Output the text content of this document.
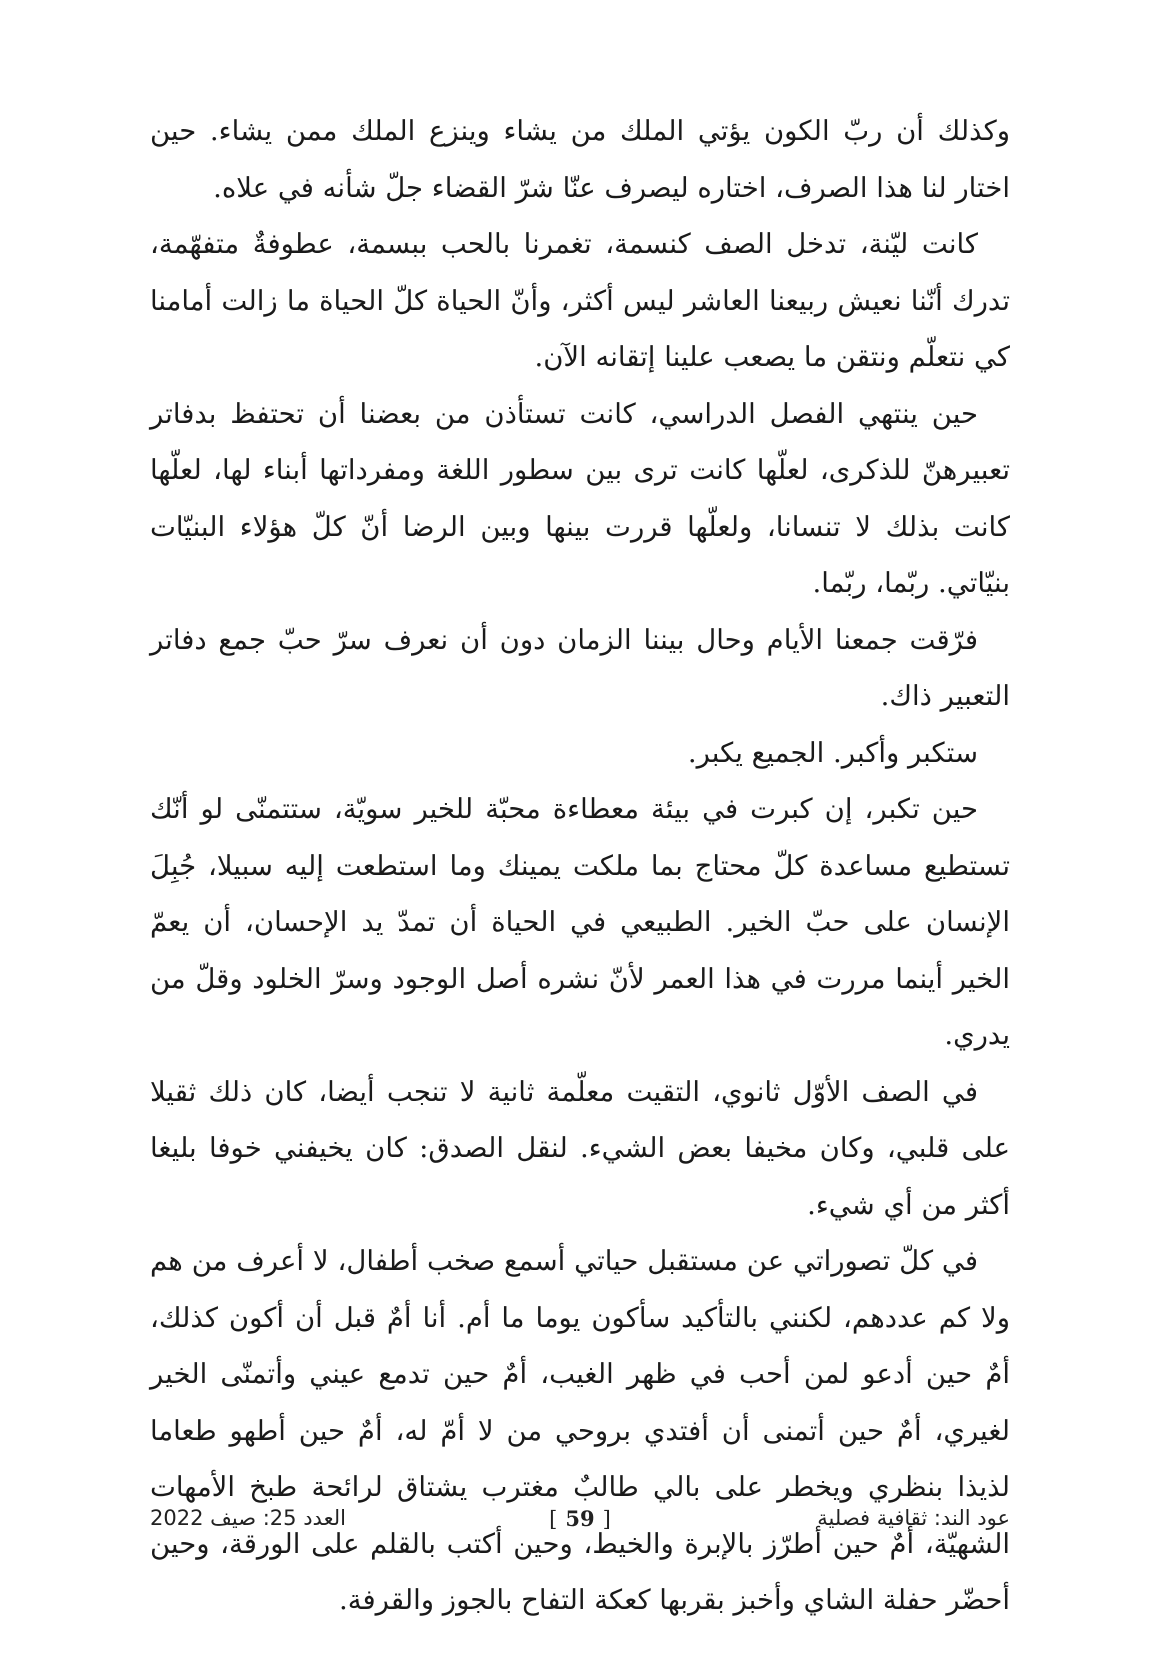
وكذلك أن ربّ الكون يؤتي الملك من يشاء وينزع الملك ممن يشاء. حين اختار لنا هذا الصرف، اختاره ليصرف عنّا شرّ القضاء جلّ شأنه في علاه.

كانت ليّنة، تدخل الصف كنسمة، تغمرنا بالحب ببسمة، عطوفةٌ متفهّمة، تدرك أنّنا نعيش ربيعنا العاشر ليس أكثر، وأنّ الحياة كلّ الحياة ما زالت أمامنا كي نتعلّم ونتقن ما يصعب علينا إتقانه الآن.

حين ينتهي الفصل الدراسي، كانت تستأذن من بعضنا أن تحتفظ بدفاتر تعبيرهنّ للذكرى، لعلّها كانت ترى بين سطور اللغة ومفرداتها أبناء لها، لعلّها كانت بذلك لا تنسانا، ولعلّها قررت بينها وبين الرضا أنّ كلّ هؤلاء البنيّات بنيّاتي. ربّما، ربّما.

فرّقت جمعنا الأيام وحال بيننا الزمان دون أن نعرف سرّ حبّ جمع دفاتر التعبير ذاك.

ستكبر وأكبر. الجميع يكبر.

حين تكبر، إن كبرت في بيئة معطاءة محبّة للخير سويّة، ستتمنّى لو أنّك تستطيع مساعدة كلّ محتاج بما ملكت يمينك وما استطعت إليه سبيلا، جُبِلَ الإنسان على حبّ الخير. الطبيعي في الحياة أن تمدّ يد الإحسان، أن يعمّ الخير أينما مررت في هذا العمر لأنّ نشره أصل الوجود وسرّ الخلود وقلّ من يدري.

في الصف الأوّل ثانوي، التقيت معلّمة ثانية لا تنجب أيضا، كان ذلك ثقيلا على قلبي، وكان مخيفا بعض الشيء. لنقل الصدق: كان يخيفني خوفا بليغا أكثر من أي شيء.

في كلّ تصوراتي عن مستقبل حياتي أسمع صخب أطفال، لا أعرف من هم ولا كم عددهم، لكنني بالتأكيد سأكون يوما ما أم. أنا أمٌ قبل أن أكون كذلك، أمٌ حين أدعو لمن أحب في ظهر الغيب، أمٌ حين تدمع عيني وأتمنّى الخير لغيري، أمٌ حين أتمنى أن أفتدي بروحي من لا أمّ له، أمٌ حين أطهو طعاما لذيذا بنظري ويخطر على بالي طالبٌ مغترب يشتاق لرائحة طبخ الأمهات الشهيّة، أمٌ حين أطرّز بالإبرة والخيط، وحين أكتب بالقلم على الورقة، وحين أحضّر حفلة الشاي وأخبز بقربها كعكة التفاح بالجوز والقرفة.

عود الند: ثقافية فصلية
[ 59 ]
العدد 25: صيف 2022
